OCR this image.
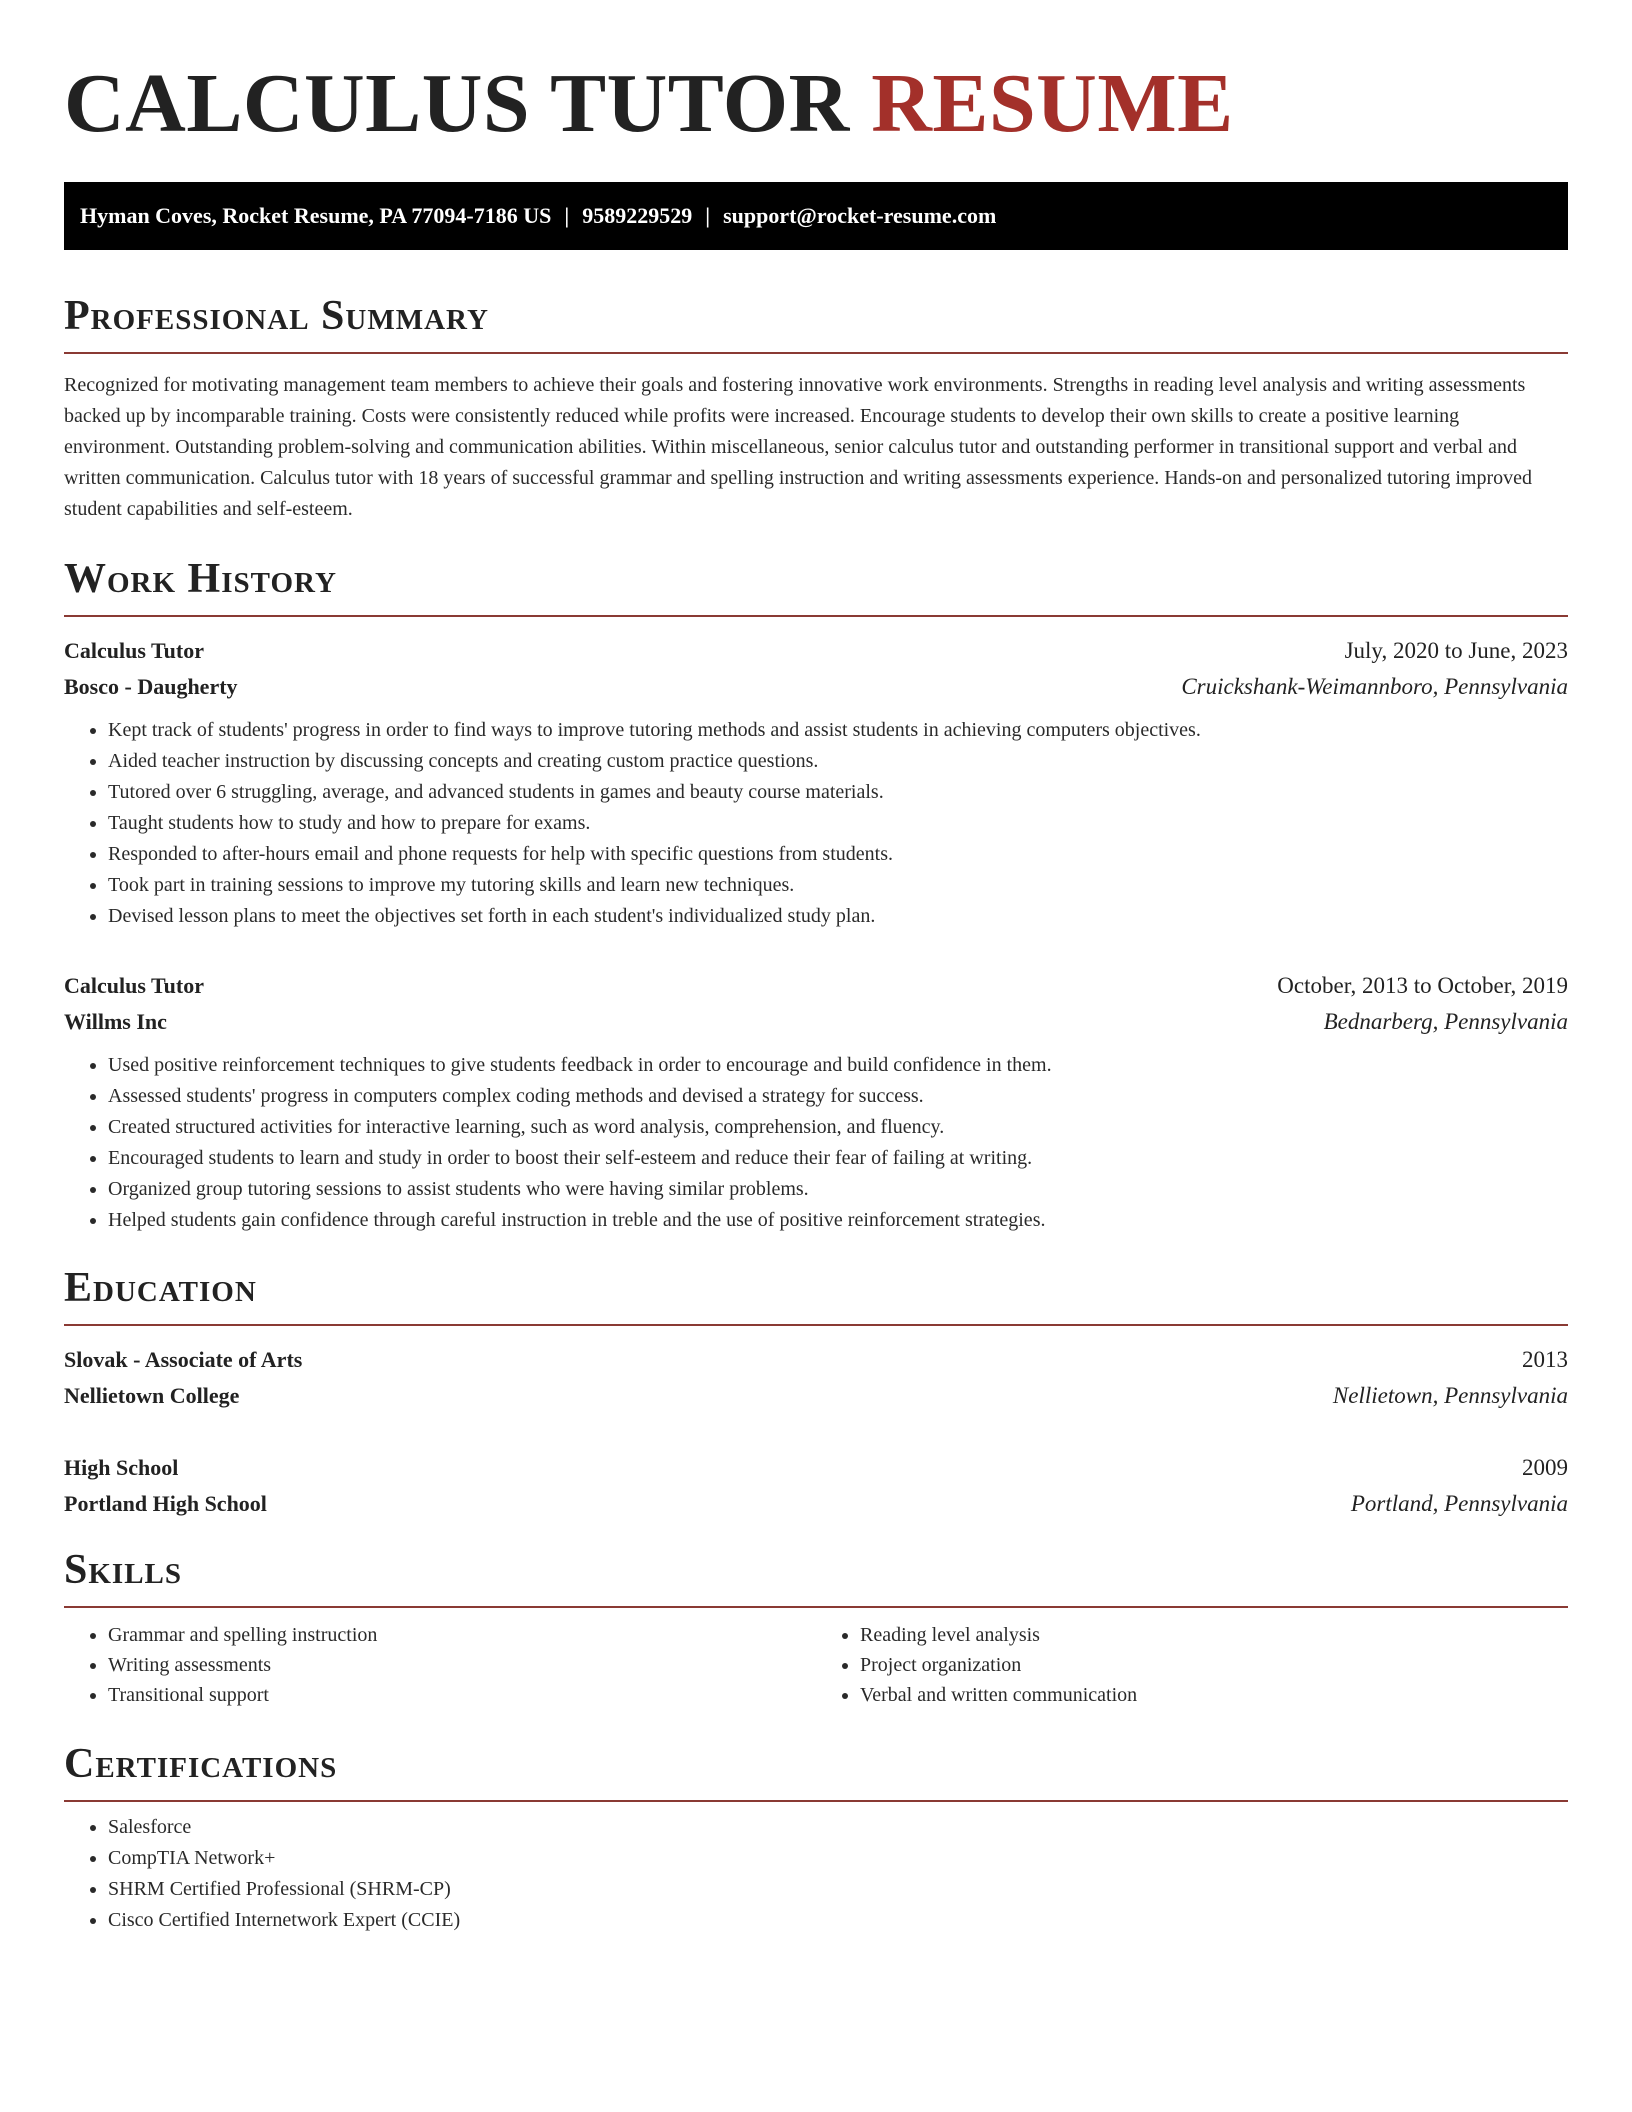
CALCULUS TUTOR RESUME
Hyman Coves, Rocket Resume, PA 77094-7186 US | 9589229529 | support@rocket-resume.com
Professional Summary

Recognized for motivating management team members to achieve their goals and fostering innovative work environments. Strengths in reading level analysis and writing assessments backed up by incomparable training. Costs were consistently reduced while profits were increased. Encourage students to develop their own skills to create a positive learning environment. Outstanding problem-solving and communication abilities. Within miscellaneous, senior calculus tutor and outstanding performer in transitional support and verbal and written communication. Calculus tutor with 18 years of successful grammar and spelling instruction and writing assessments experience. Hands-on and personalized tutoring improved student capabilities and self-esteem.

Work History
Calculus Tutor	July, 2020 to June, 2023
Bosco - Daugherty	Cruickshank-Weimannboro, Pennsylvania
• Kept track of students' progress in order to find ways to improve tutoring methods and assist students in achieving computers objectives.
• Aided teacher instruction by discussing concepts and creating custom practice questions.
• Tutored over 6 struggling, average, and advanced students in games and beauty course materials.
• Taught students how to study and how to prepare for exams.
• Responded to after-hours email and phone requests for help with specific questions from students.
• Took part in training sessions to improve my tutoring skills and learn new techniques.
• Devised lesson plans to meet the objectives set forth in each student's individualized study plan.
Calculus Tutor	October, 2013 to October, 2019
Willms Inc	Bednarberg, Pennsylvania
• Used positive reinforcement techniques to give students feedback in order to encourage and build confidence in them.
• Assessed students' progress in computers complex coding methods and devised a strategy for success.
• Created structured activities for interactive learning, such as word analysis, comprehension, and fluency.
• Encouraged students to learn and study in order to boost their self-esteem and reduce their fear of failing at writing.
• Organized group tutoring sessions to assist students who were having similar problems.
• Helped students gain confidence through careful instruction in treble and the use of positive reinforcement strategies.
Education
Slovak - Associate of Arts	2013
Nellietown College	Nellietown, Pennsylvania
High School	2009
Portland High School	Portland, Pennsylvania
Skills
• Grammar and spelling instruction
• Writing assessments
• Transitional support
• Reading level analysis
• Project organization
• Verbal and written communication
Certifications
• Salesforce
• CompTIA Network+
• SHRM Certified Professional (SHRM-CP)
• Cisco Certified Internetwork Expert (CCIE)
